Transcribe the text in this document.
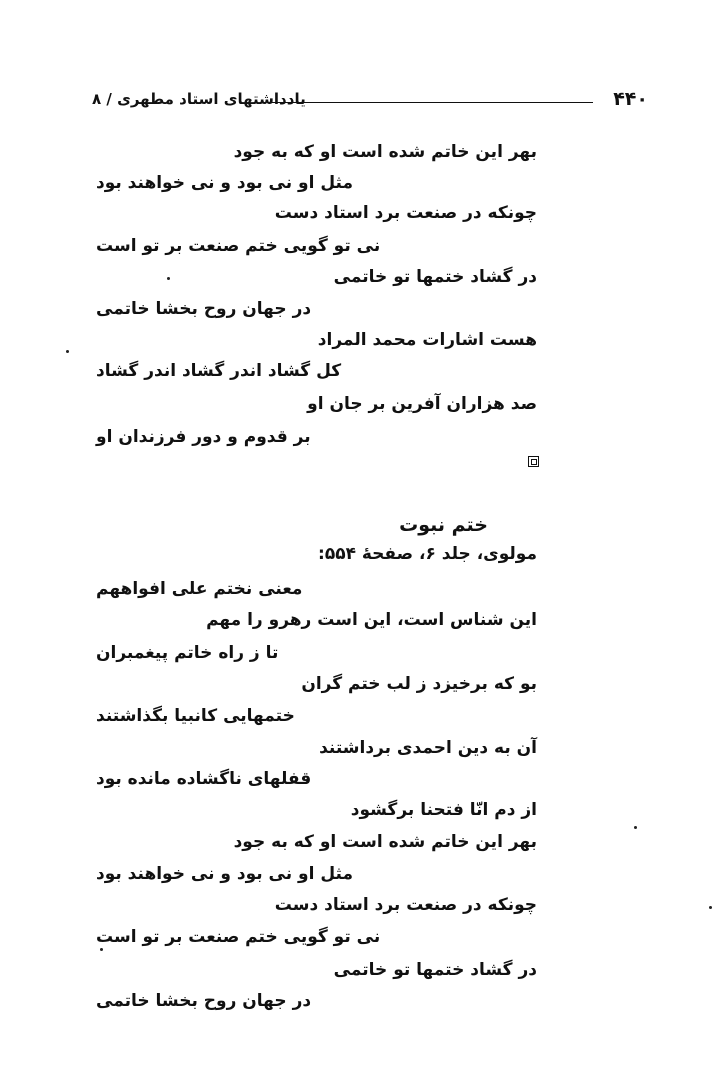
۴۴۰
یادداشتهای استاد مطهری / ۸
بهر این خاتم شده است او که به جود
مثل او نی بود و نی خواهند بود
چونکه در صنعت برد استاد دست
نی تو گویی ختم صنعت بر تو است
در گشاد ختمها تو خاتمی
در جهان روح بخشا خاتمی
هست اشارات محمد المراد
کل گشاد اندر گشاد اندر گشاد
صد هزاران آفرین بر جان او
بر قدوم و دور فرزندان او
ختم نبوت
مولوی، جلد ۶، صفحهٔ ۵۵۴:
معنی نختم علی افواههم
این شناس است، این است رهرو را مهم
تا ز راه خاتم پیغمبران
بو که برخیزد ز لب ختم گران
ختمهایی کانبیا بگذاشتند
آن به دین احمدی برداشتند
قفلهای ناگشاده مانده بود
از دم انّا فتحنا برگشود
بهر این خاتم شده است او که به جود
مثل او نی بود و نی خواهند بود
چونکه در صنعت برد استاد دست
نی تو گویی ختم صنعت بر تو است
در گشاد ختمها تو خاتمی
در جهان روح بخشا خاتمی
